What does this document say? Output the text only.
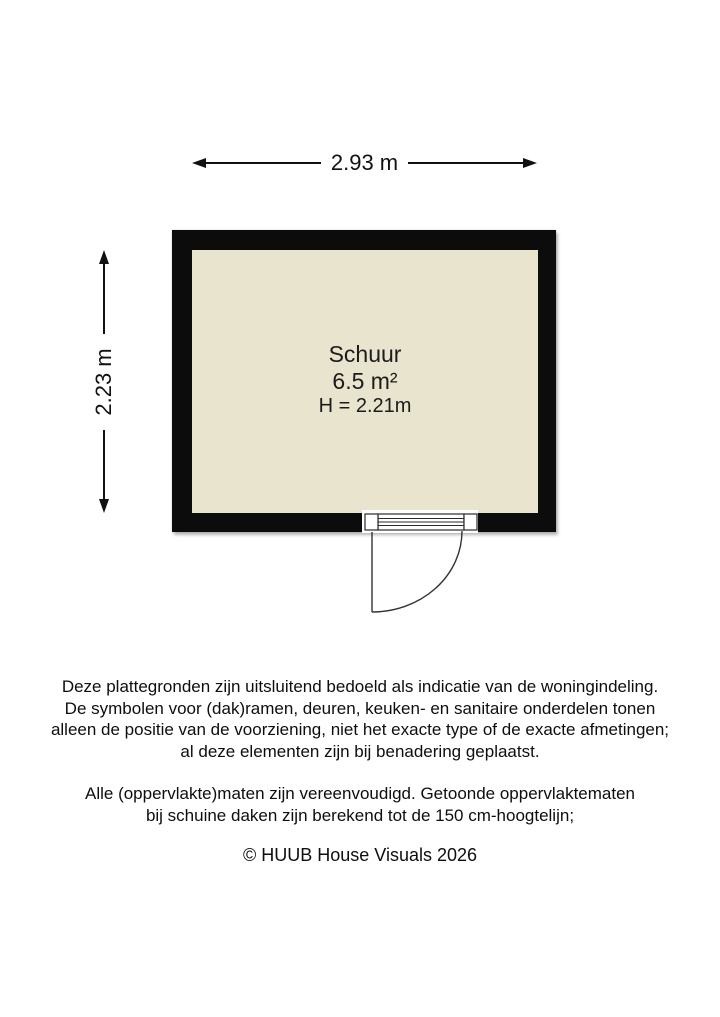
2.93 m
2.23 m	Schuur
6.5 m²
H = 2.21m
Deze plattegronden zijn uitsluitend bedoeld als indicatie van de woningindeling.
De symbolen voor (dak)ramen, deuren, keuken- en sanitaire onderdelen tonen
alleen de positie van de voorziening, niet het exacte type of de exacte afmetingen;
al deze elementen zijn bij benadering geplaatst.
Alle (oppervlakte)maten zijn vereenvoudigd. Getoonde oppervlaktematen
bij schuine daken zijn berekend tot de 150 cm-hoogtelijn;
© HUUB House Visuals 2026
